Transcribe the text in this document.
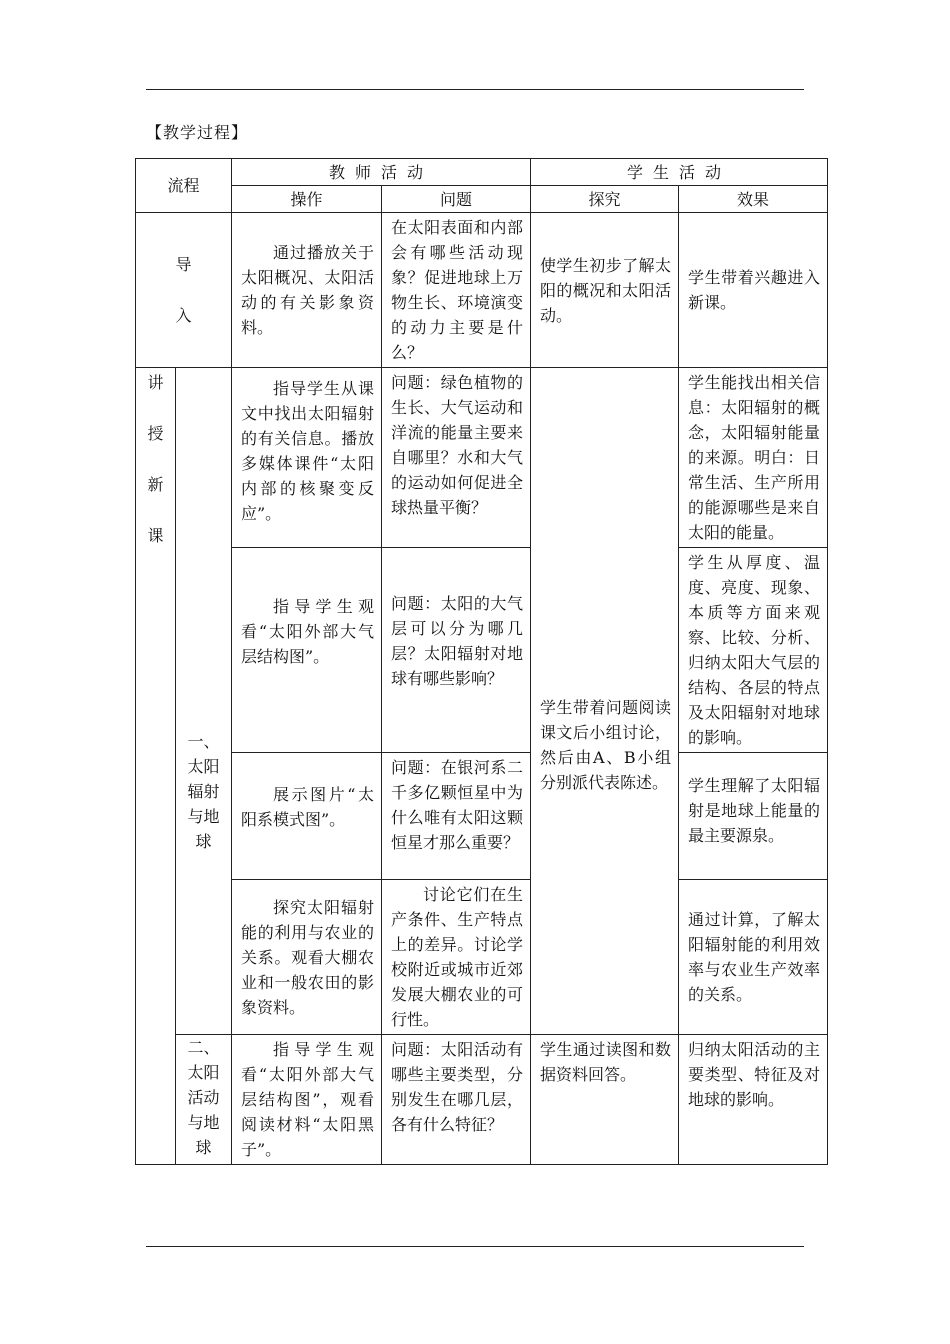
【教学过程】
流程		教师活动		学生活动	
		操作	问题	探究	效果

导
入		通过播放关于太阳概况、太阳活动的有关影象资料。	在太阳表面和内部会有哪些活动现象？促进地球上万物生长、环境演变的动力主要是什么？	使学生初步了解太阳的概况和太阳活动。	学生带着兴趣进入新课。

讲
授
新
课	一、
太阳
辐射
与地
球	指导学生从课文中找出太阳辐射的有关信息。播放多媒体课件“太阳内部的核聚变反应”。	问题：绿色植物的生长、大气运动和洋流的能量主要来自哪里？水和大气的运动如何促进全球热量平衡？	学生带着问题阅读课文后小组讨论，然后由A、B小组分别派代表陈述。	学生能找出相关信息：太阳辐射的概念，太阳辐射能量的来源。明白：日常生活、生产所用的能源哪些是来自太阳的能量。

		指导学生观看“太阳外部大气层结构图”。	问题：太阳的大气层可以分为哪几层？太阳辐射对地球有哪些影响？		学生从厚度、温度、亮度、现象、本质等方面来观察、比较、分析、归纳太阳大气层的结构、各层的特点及太阳辐射对地球的影响。

		展示图片“太阳系模式图”。	问题：在银河系二千多亿颗恒星中为什么唯有太阳这颗恒星才那么重要？		学生理解了太阳辐射是地球上能量的最主要源泉。

		探究太阳辐射能的利用与农业的关系。观看大棚农业和一般农田的影象资料。	讨论它们在生产条件、生产特点上的差异。讨论学校附近或城市近郊发展大棚农业的可行性。		通过计算，了解太阳辐射能的利用效率与农业生产效率的关系。

	二、
太阳
活动
与地
球	指导学生观看“太阳外部大气层结构图”，观看阅读材料“太阳黑子”。	问题：太阳活动有哪些主要类型，分别发生在哪几层，各有什么特征？	学生通过读图和数据资料回答。	归纳太阳活动的主要类型、特征及对地球的影响。
